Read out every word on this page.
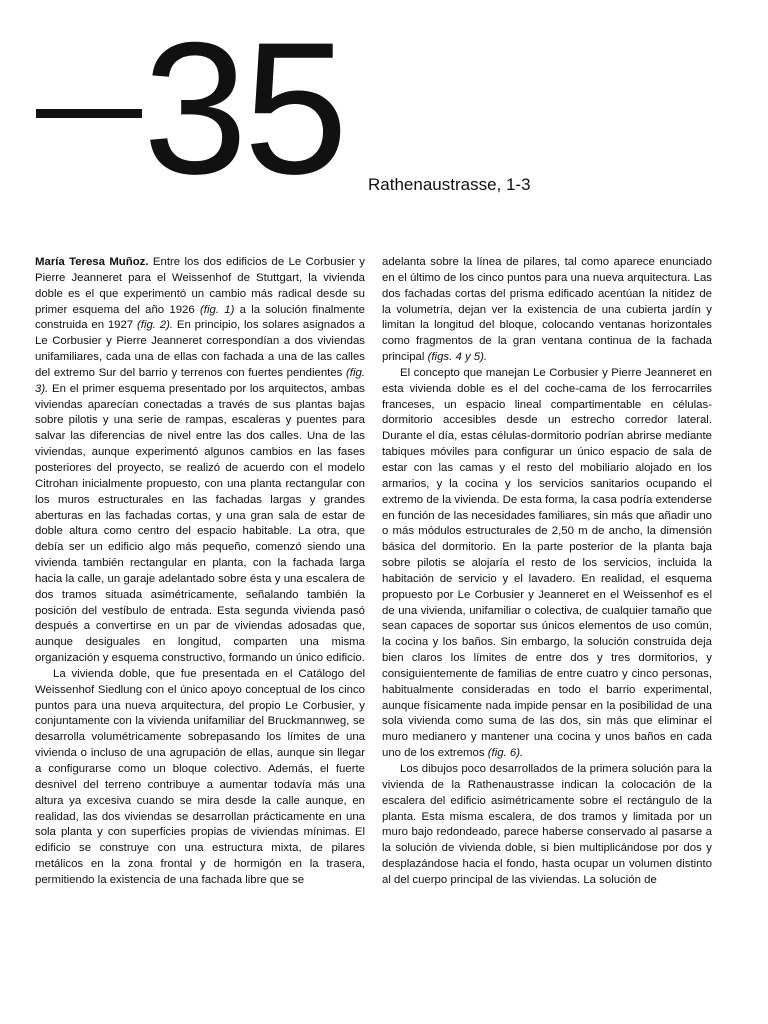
35 Rathenaustrasse, 1-3

María Teresa Muñoz. Entre los dos edificios de Le Corbusier y Pierre Jeanneret para el Weissenhof de Stuttgart, la vivienda doble es el que experimentó un cambio más radical desde su primer esquema del año 1926 (fig. 1) a la solución finalmente construida en 1927 (fig. 2). En principio, los solares asignados a Le Corbusier y Pierre Jeanneret correspondían a dos viviendas unifamiliares, cada una de ellas con fachada a una de las calles del extremo Sur del barrio y terrenos con fuertes pendientes (fig. 3). En el primer esquema presentado por los arquitectos, ambas viviendas aparecían conectadas a través de sus plantas bajas sobre pilotis y una serie de rampas, escaleras y puentes para salvar las diferencias de nivel entre las dos calles. Una de las viviendas, aunque experimentó algunos cambios en las fases posteriores del proyecto, se realizó de acuerdo con el modelo Citrohan inicialmente propuesto, con una planta rectangular con los muros estructurales en las fachadas largas y grandes aberturas en las fachadas cortas, y una gran sala de estar de doble altura como centro del espacio habitable. La otra, que debía ser un edificio algo más pequeño, comenzó siendo una vivienda también rectangular en planta, con la fachada larga hacia la calle, un garaje adelantado sobre ésta y una escalera de dos tramos situada asimétricamente, señalando también la posición del vestíbulo de entrada. Esta segunda vivienda pasó después a convertirse en un par de viviendas adosadas que, aunque desiguales en longitud, comparten una misma organización y esquema constructivo, formando un único edificio.

La vivienda doble, que fue presentada en el Catálogo del Weissenhof Siedlung con el único apoyo conceptual de los cinco puntos para una nueva arquitectura, del propio Le Corbusier, y conjuntamente con la vivienda unifamiliar del Bruckmannweg, se desarrolla volumétricamente sobrepasando los límites de una vivienda o incluso de una agrupación de ellas, aunque sin llegar a configurarse como un bloque colectivo. Además, el fuerte desnivel del terreno contribuye a aumentar todavía más una altura ya excesiva cuando se mira desde la calle aunque, en realidad, las dos viviendas se desarrollan prácticamente en una sola planta y con superficies propias de viviendas mínimas. El edificio se construye con una estructura mixta, de pilares metálicos en la zona frontal y de hormigón en la trasera, permitiendo la existencia de una fachada libre que se

adelanta sobre la línea de pilares, tal como aparece enunciado en el último de los cinco puntos para una nueva arquitectura. Las dos fachadas cortas del prisma edificado acentúan la nitidez de la volumetría, dejan ver la existencia de una cubierta jardín y limitan la longitud del bloque, colocando ventanas horizontales como fragmentos de la gran ventana continua de la fachada principal (figs. 4 y 5).

El concepto que manejan Le Corbusier y Pierre Jeanneret en esta vivienda doble es el del coche-cama de los ferrocarriles franceses, un espacio lineal compartimentable en células-dormitorio accesibles desde un estrecho corredor lateral. Durante el día, estas células-dormitorio podrían abrirse mediante tabiques móviles para configurar un único espacio de sala de estar con las camas y el resto del mobiliario alojado en los armarios, y la cocina y los servicios sanitarios ocupando el extremo de la vivienda. De esta forma, la casa podría extenderse en función de las necesidades familiares, sin más que añadir uno o más módulos estructurales de 2,50 m de ancho, la dimensión básica del dormitorio. En la parte posterior de la planta baja sobre pilotis se alojaría el resto de los servicios, incluida la habitación de servicio y el lavadero. En realidad, el esquema propuesto por Le Corbusier y Jeanneret en el Weissenhof es el de una vivienda, unifamiliar o colectiva, de cualquier tamaño que sean capaces de soportar sus únicos elementos de uso común, la cocina y los baños. Sin embargo, la solución construida deja bien claros los límites de entre dos y tres dormitorios, y consiguientemente de familias de entre cuatro y cinco personas, habitualmente consideradas en todo el barrio experimental, aunque físicamente nada impide pensar en la posibilidad de una sola vivienda como suma de las dos, sin más que eliminar el muro medianero y mantener una cocina y unos baños en cada uno de los extremos (fig. 6).

Los dibujos poco desarrollados de la primera solución para la vivienda de la Rathenaustrasse indican la colocación de la escalera del edificio asimétricamente sobre el rectángulo de la planta. Esta misma escalera, de dos tramos y limitada por un muro bajo redondeado, parece haberse conservado al pasarse a la solución de vivienda doble, si bien multiplicándose por dos y desplazándose hacia el fondo, hasta ocupar un volumen distinto al del cuerpo principal de las viviendas. La solución de
